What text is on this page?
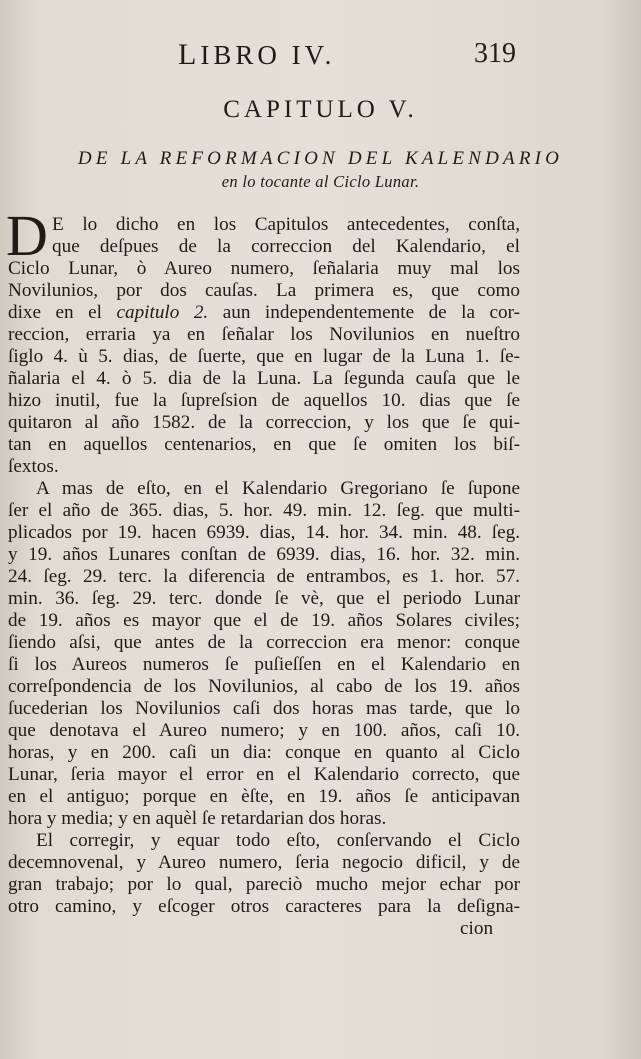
LIBRO IV.	319
CAPITULO V.
DE LA REFORMACION DEL KALENDARIO
en lo tocante al Ciclo Lunar.
D E lo dicho en los Capitulos antecedentes, conſta,
que deſpues de la correccion del Kalendario, el
Ciclo Lunar, ò Aureo numero, ſeñalaria muy mal los
Novilunios, por dos cauſas. La primera es, que como
dixe en el capitulo 2. aun independentemente de la cor-
reccion, erraria ya en ſeñalar los Novilunios en nueſtro
ſiglo 4. ù 5. dias, de ſuerte, que en lugar de la Luna 1. ſe-
ñalaria el 4. ò 5. dia de la Luna. La ſegunda cauſa que le
hizo inutil, fue la ſupreſsion de aquellos 10. dias que ſe
quitaron al año 1582. de la correccion, y los que ſe qui-
tan en aquellos centenarios, en que ſe omiten los biſ-
ſextos.
A mas de eſto, en el Kalendario Gregoriano ſe ſupone
ſer el año de 365. dias, 5. hor. 49. min. 12. ſeg. que multi-
plicados por 19. hacen 6939. dias, 14. hor. 34. min. 48. ſeg.
y 19. años Lunares conſtan de 6939. dias, 16. hor. 32. min.
24. ſeg. 29. terc. la diferencia de entrambos, es 1. hor. 57.
min. 36. ſeg. 29. terc. donde ſe vè, que el periodo Lunar
de 19. años es mayor que el de 19. años Solares civiles;
ſiendo aſsi, que antes de la correccion era menor: conque
ſi los Aureos numeros ſe puſieſſen en el Kalendario en
correſpondencia de los Novilunios, al cabo de los 19. años
ſucederian los Novilunios caſi dos horas mas tarde, que lo
que denotava el Aureo numero; y en 100. años, caſi 10.
horas, y en 200. caſi un dia: conque en quanto al Ciclo
Lunar, ſeria mayor el error en el Kalendario correcto, que
en el antiguo; porque en èſte, en 19. años ſe anticipavan
hora y media; y en aquèl ſe retardarian dos horas.
El corregir, y equar todo eſto, conſervando el Ciclo
decemnovenal, y Aureo numero, ſeria negocio dificil, y de
gran trabajo; por lo qual, pareciò mucho mejor echar por
otro camino, y eſcoger otros caracteres para la deſigna-
cion
